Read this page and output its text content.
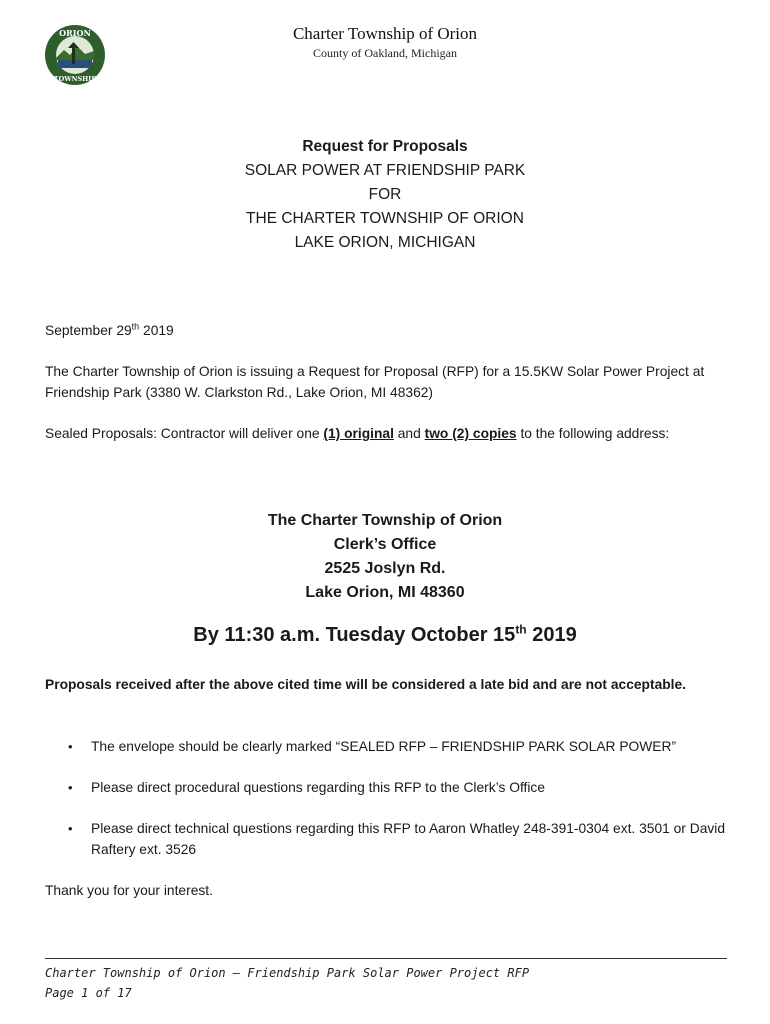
ORION
TOWNSHIP
Charter Township of Orion
County of Oakland, Michigan
Request for Proposals
SOLAR POWER AT FRIENDSHIP PARK
FOR
THE CHARTER TOWNSHIP OF ORION
LAKE ORION, MICHIGAN
September 29th 2019
The Charter Township of Orion is issuing a Request for Proposal (RFP) for a 15.5KW Solar Power Project at Friendship Park (3380 W. Clarkston Rd., Lake Orion, MI 48362)
Sealed Proposals: Contractor will deliver one (1) original and two (2) copies to the following address:
The Charter Township of Orion
Clerk’s Office
2525 Joslyn Rd.
Lake Orion, MI 48360
By 11:30 a.m. Tuesday October 15th 2019
Proposals received after the above cited time will be considered a late bid and are not acceptable.
• The envelope should be clearly marked “SEALED RFP – FRIENDSHIP PARK SOLAR POWER”
• Please direct procedural questions regarding this RFP to the Clerk’s Office
• Please direct technical questions regarding this RFP to Aaron Whatley 248-391-0304 ext. 3501 or David Raftery ext. 3526
Thank you for your interest.
Charter Township of Orion – Friendship Park Solar Power Project RFP
Page 1 of 17
